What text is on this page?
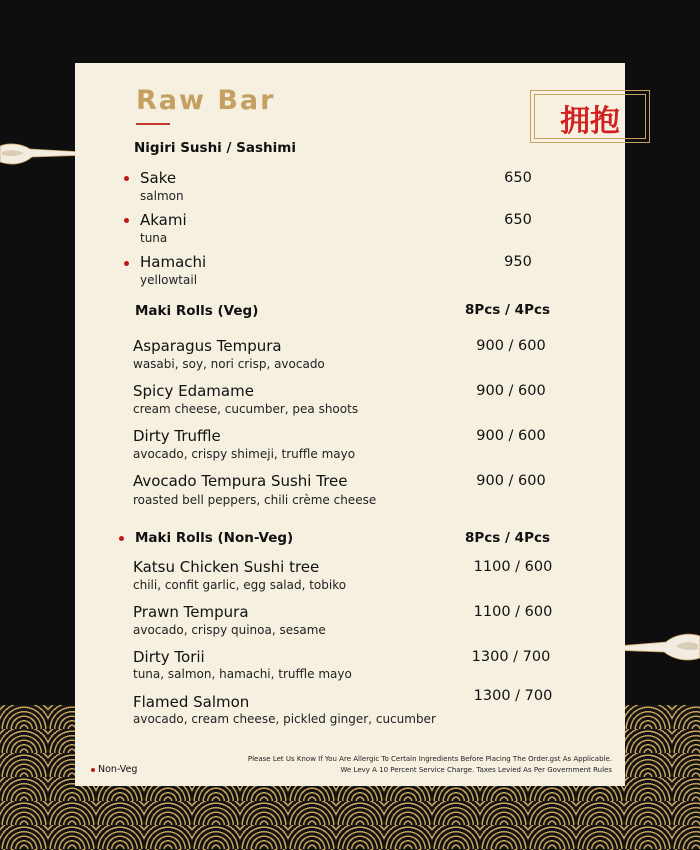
Raw Bar
拥抱
Nigiri Sushi / Sashimi
Sake
salmon
650
Akami
tuna
650
Hamachi
yellowtail
950
Maki Rolls (Veg)	8Pcs / 4Pcs
Asparagus Tempura
wasabi, soy, nori crisp, avocado
900 / 600
Spicy Edamame
cream cheese, cucumber, pea shoots
900 / 600
Dirty Truffle
avocado, crispy shimeji, truffle mayo
900 / 600
Avocado Tempura Sushi Tree
roasted bell peppers, chili crème cheese
900 / 600
Maki Rolls (Non-Veg)	8Pcs / 4Pcs
Katsu Chicken Sushi tree
chili, confit garlic, egg salad, tobiko
1100 / 600
Prawn Tempura
avocado, crispy quinoa, sesame
1100 / 600
Dirty Torii
tuna, salmon, hamachi, truffle mayo
1300 / 700
Flamed Salmon
avocado, cream cheese, pickled ginger, cucumber
1300 / 700
Non-Veg
Please Let Us Know If You Are Allergic To Certain Ingredients Before Placing The Order.gst As Applicable.
We Levy A 10 Percent Service Charge. Taxes Levied As Per Government Rules
